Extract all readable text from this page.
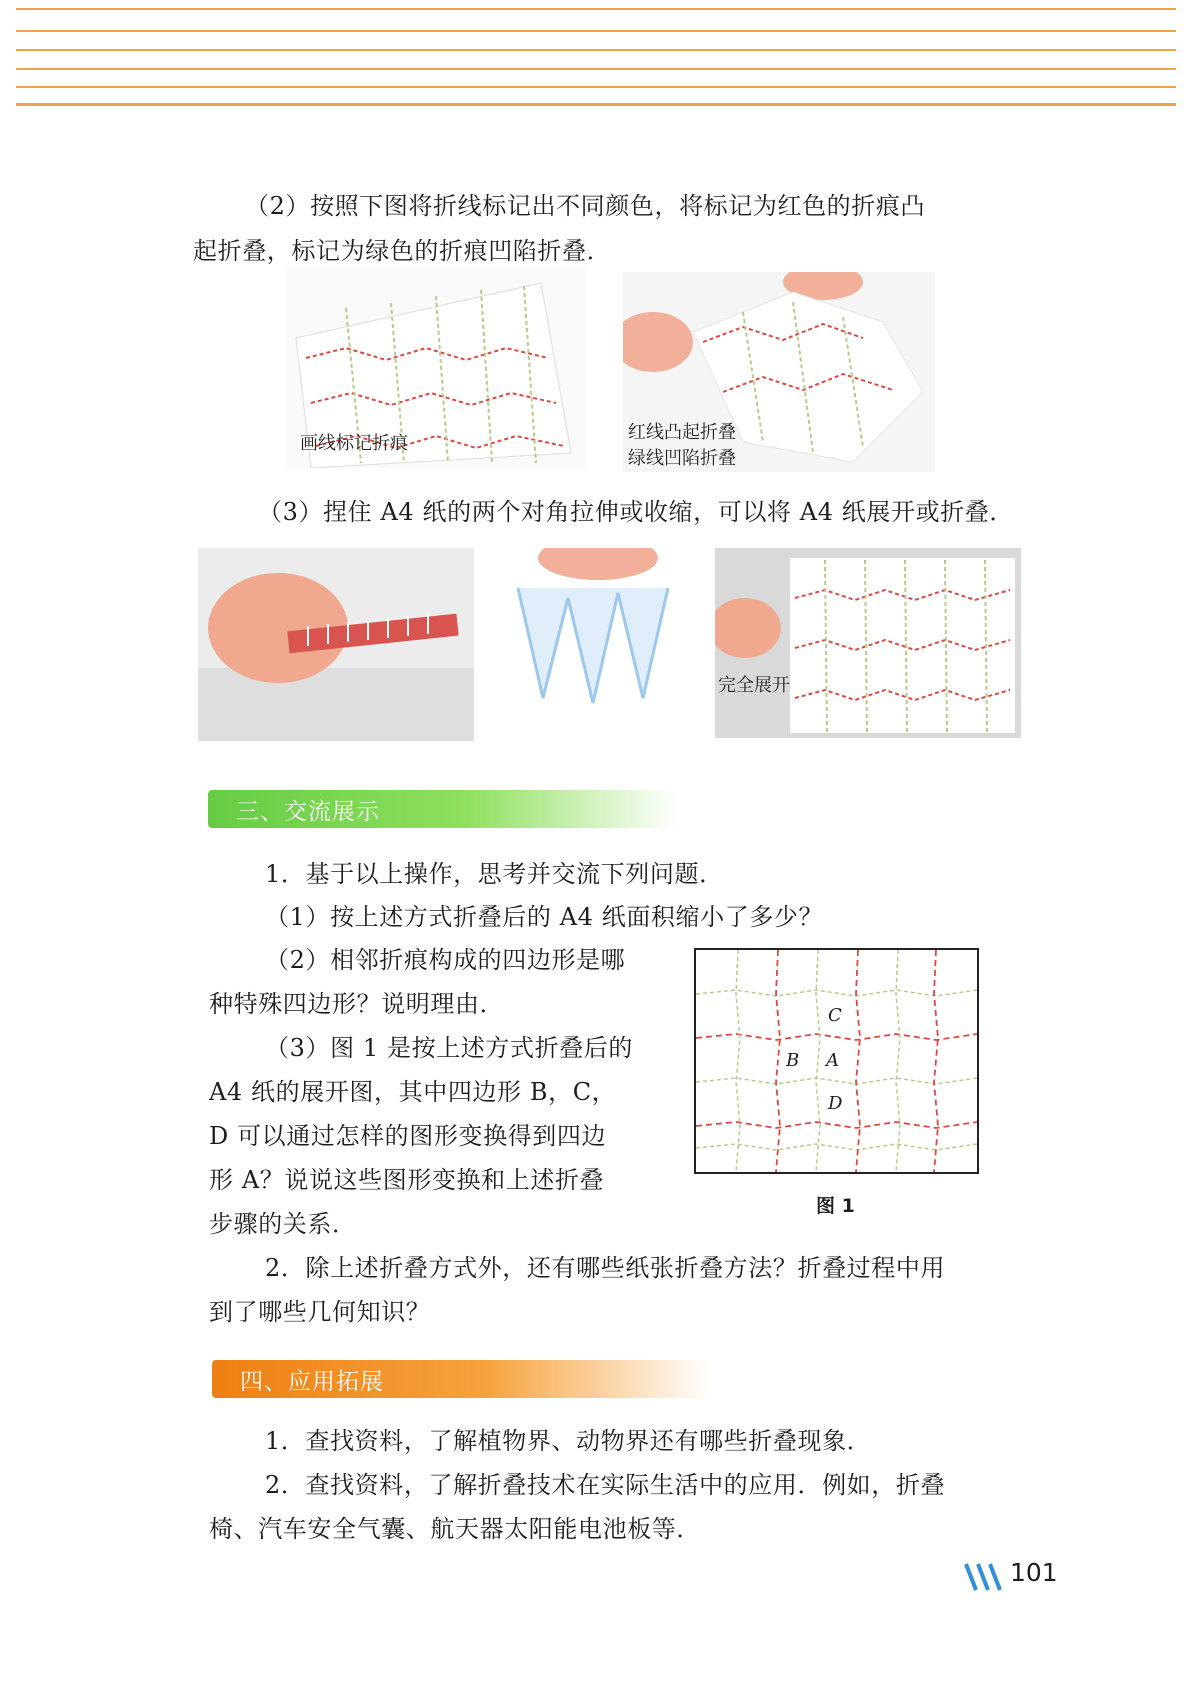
（2）按照下图将折线标记出不同颜色，将标记为红色的折痕凸
起折叠，标记为绿色的折痕凹陷折叠．
画线标记折痕
红线凸起折叠
绿线凹陷折叠
（3）捏住 A4 纸的两个对角拉伸或收缩，可以将 A4 纸展开或折叠．
完全展开
三、交流展示
1．基于以上操作，思考并交流下列问题．
（1）按上述方式折叠后的 A4 纸面积缩小了多少？
（2）相邻折痕构成的四边形是哪
种特殊四边形？说明理由．
（3）图 1 是按上述方式折叠后的
A4 纸的展开图，其中四边形 B，C，
D 可以通过怎样的图形变换得到四边
形 A？说说这些图形变换和上述折叠
步骤的关系．
2．除上述折叠方式外，还有哪些纸张折叠方法？折叠过程中用
到了哪些几何知识？
C
B A
D
图 1
四、应用拓展
1．查找资料，了解植物界、动物界还有哪些折叠现象．
2．查找资料，了解折叠技术在实际生活中的应用．例如，折叠
椅、汽车安全气囊、航天器太阳能电池板等．
101
